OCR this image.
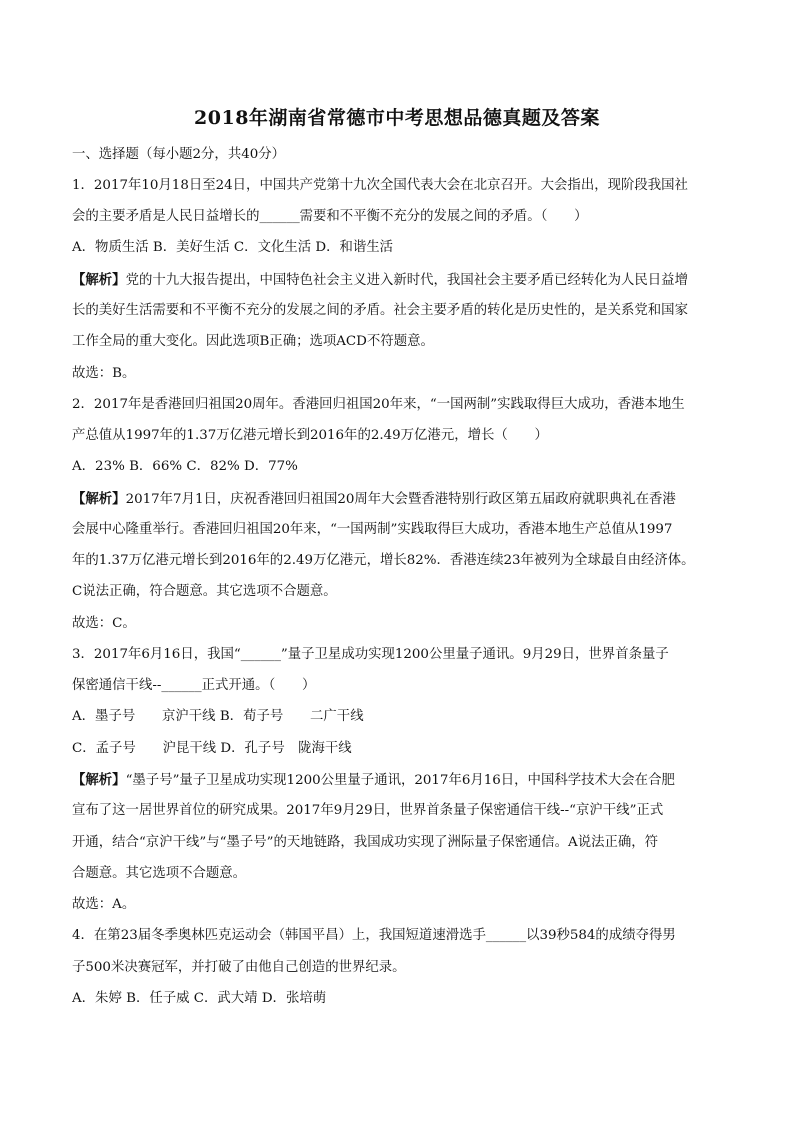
2018年湖南省常德市中考思想品德真题及答案
一、选择题（每小题2分，共40分）
1．2017年10月18日至24日，中国共产党第十九次全国代表大会在北京召开。大会指出，现阶段我国社
会的主要矛盾是人民日益增长的______需要和不平衡不充分的发展之间的矛盾。（　　）
A．物质生活 B．美好生活 C．文化生活 D．和谐生活
【解析】党的十九大报告提出，中国特色社会主义进入新时代，我国社会主要矛盾已经转化为人民日益增
长的美好生活需要和不平衡不充分的发展之间的矛盾。社会主要矛盾的转化是历史性的，是关系党和国家
工作全局的重大变化。因此选项B正确；选项ACD不符题意。
故选：B。
2．2017年是香港回归祖国20周年。香港回归祖国20年来，“一国两制”实践取得巨大成功，香港本地生
产总值从1997年的1.37万亿港元增长到2016年的2.49万亿港元，增长（　　）
A．23% B．66% C．82% D．77%
【解析】2017年7月1日，庆祝香港回归祖国20周年大会暨香港特别行政区第五届政府就职典礼在香港
会展中心隆重举行。香港回归祖国20年来，“一国两制”实践取得巨大成功，香港本地生产总值从1997
年的1.37万亿港元增长到2016年的2.49万亿港元，增长82%．香港连续23年被列为全球最自由经济体。
C说法正确，符合题意。其它选项不合题意。
故选：C。
3．2017年6月16日，我国“______”量子卫星成功实现1200公里量子通讯。9月29日，世界首条量子
保密通信干线--______正式开通。（　　）
A．墨子号　　京沪干线 B．荀子号　　二广干线
C．孟子号　　沪昆干线 D．孔子号　陇海干线
【解析】“墨子号”量子卫星成功实现1200公里量子通讯，2017年6月16日，中国科学技术大会在合肥
宣布了这一居世界首位的研究成果。2017年9月29日，世界首条量子保密通信干线--“京沪干线”正式
开通，结合“京沪干线”与“墨子号”的天地链路，我国成功实现了洲际量子保密通信。A说法正确，符
合题意。其它选项不合题意。
故选：A。
4．在第23届冬季奥林匹克运动会（韩国平昌）上，我国短道速滑选手______以39秒584的成绩夺得男
子500米决赛冠军，并打破了由他自己创造的世界纪录。
A．朱婷 B．任子威 C．武大靖 D．张培萌
